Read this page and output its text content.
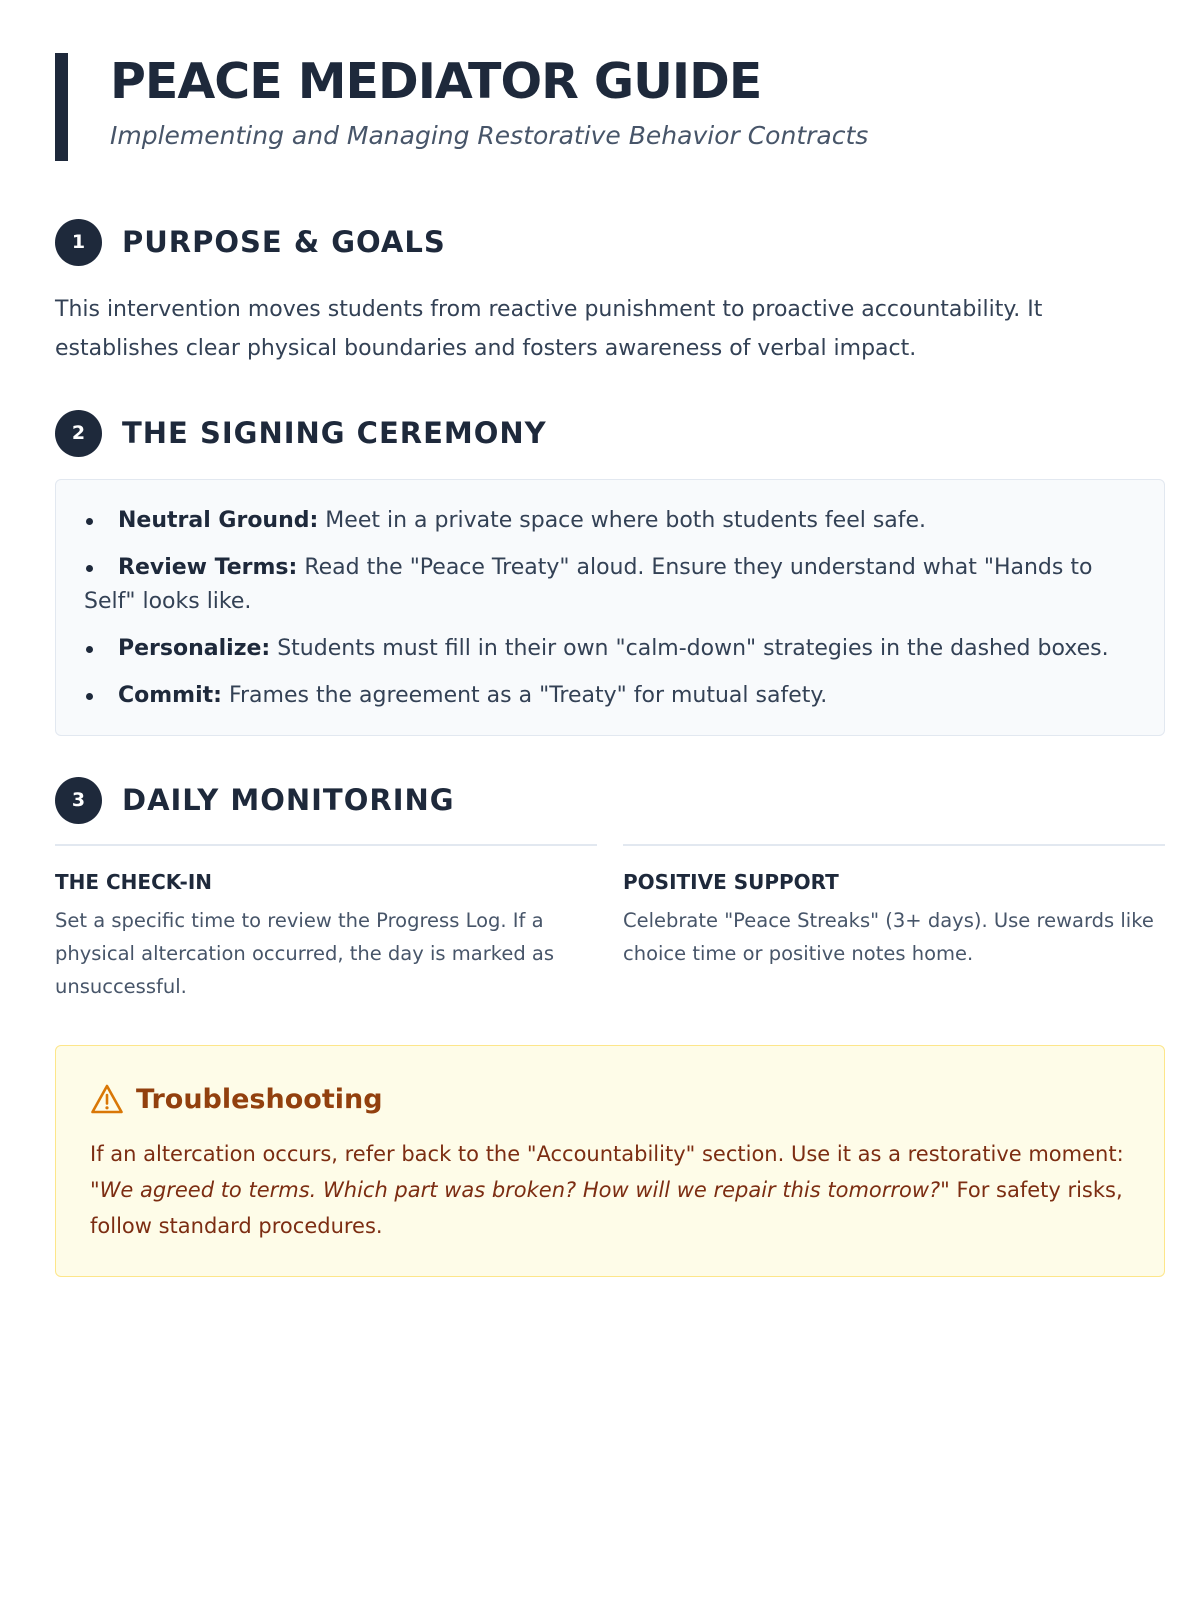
PEACE MEDIATOR GUIDE

Implementing and Managing Restorative Behavior Contracts

1	PURPOSE & GOALS

This intervention moves students from reactive punishment to proactive accountability. It establishes clear physical boundaries and fosters awareness of verbal impact.

2	THE SIGNING CEREMONY
Neutral Ground: Meet in a private space where both students feel safe.
Review Terms: Read the "Peace Treaty" aloud. Ensure they understand what "Hands to Self" looks like.
Personalize: Students must fill in their own "calm-down" strategies in the dashed boxes.
Commit: Frames the agreement as a "Treaty" for mutual safety.
3	DAILY MONITORING
THE CHECK-IN

Set a specific time to review the Progress Log. If a physical altercation occurred, the day is marked as unsuccessful.

POSITIVE SUPPORT

Celebrate "Peace Streaks" (3+ days). Use rewards like choice time or positive notes home.

Troubleshooting

If an altercation occurs, refer back to the "Accountability" section. Use it as a restorative moment: "We agreed to terms. Which part was broken? How will we repair this tomorrow?" For safety risks, follow standard procedures.
